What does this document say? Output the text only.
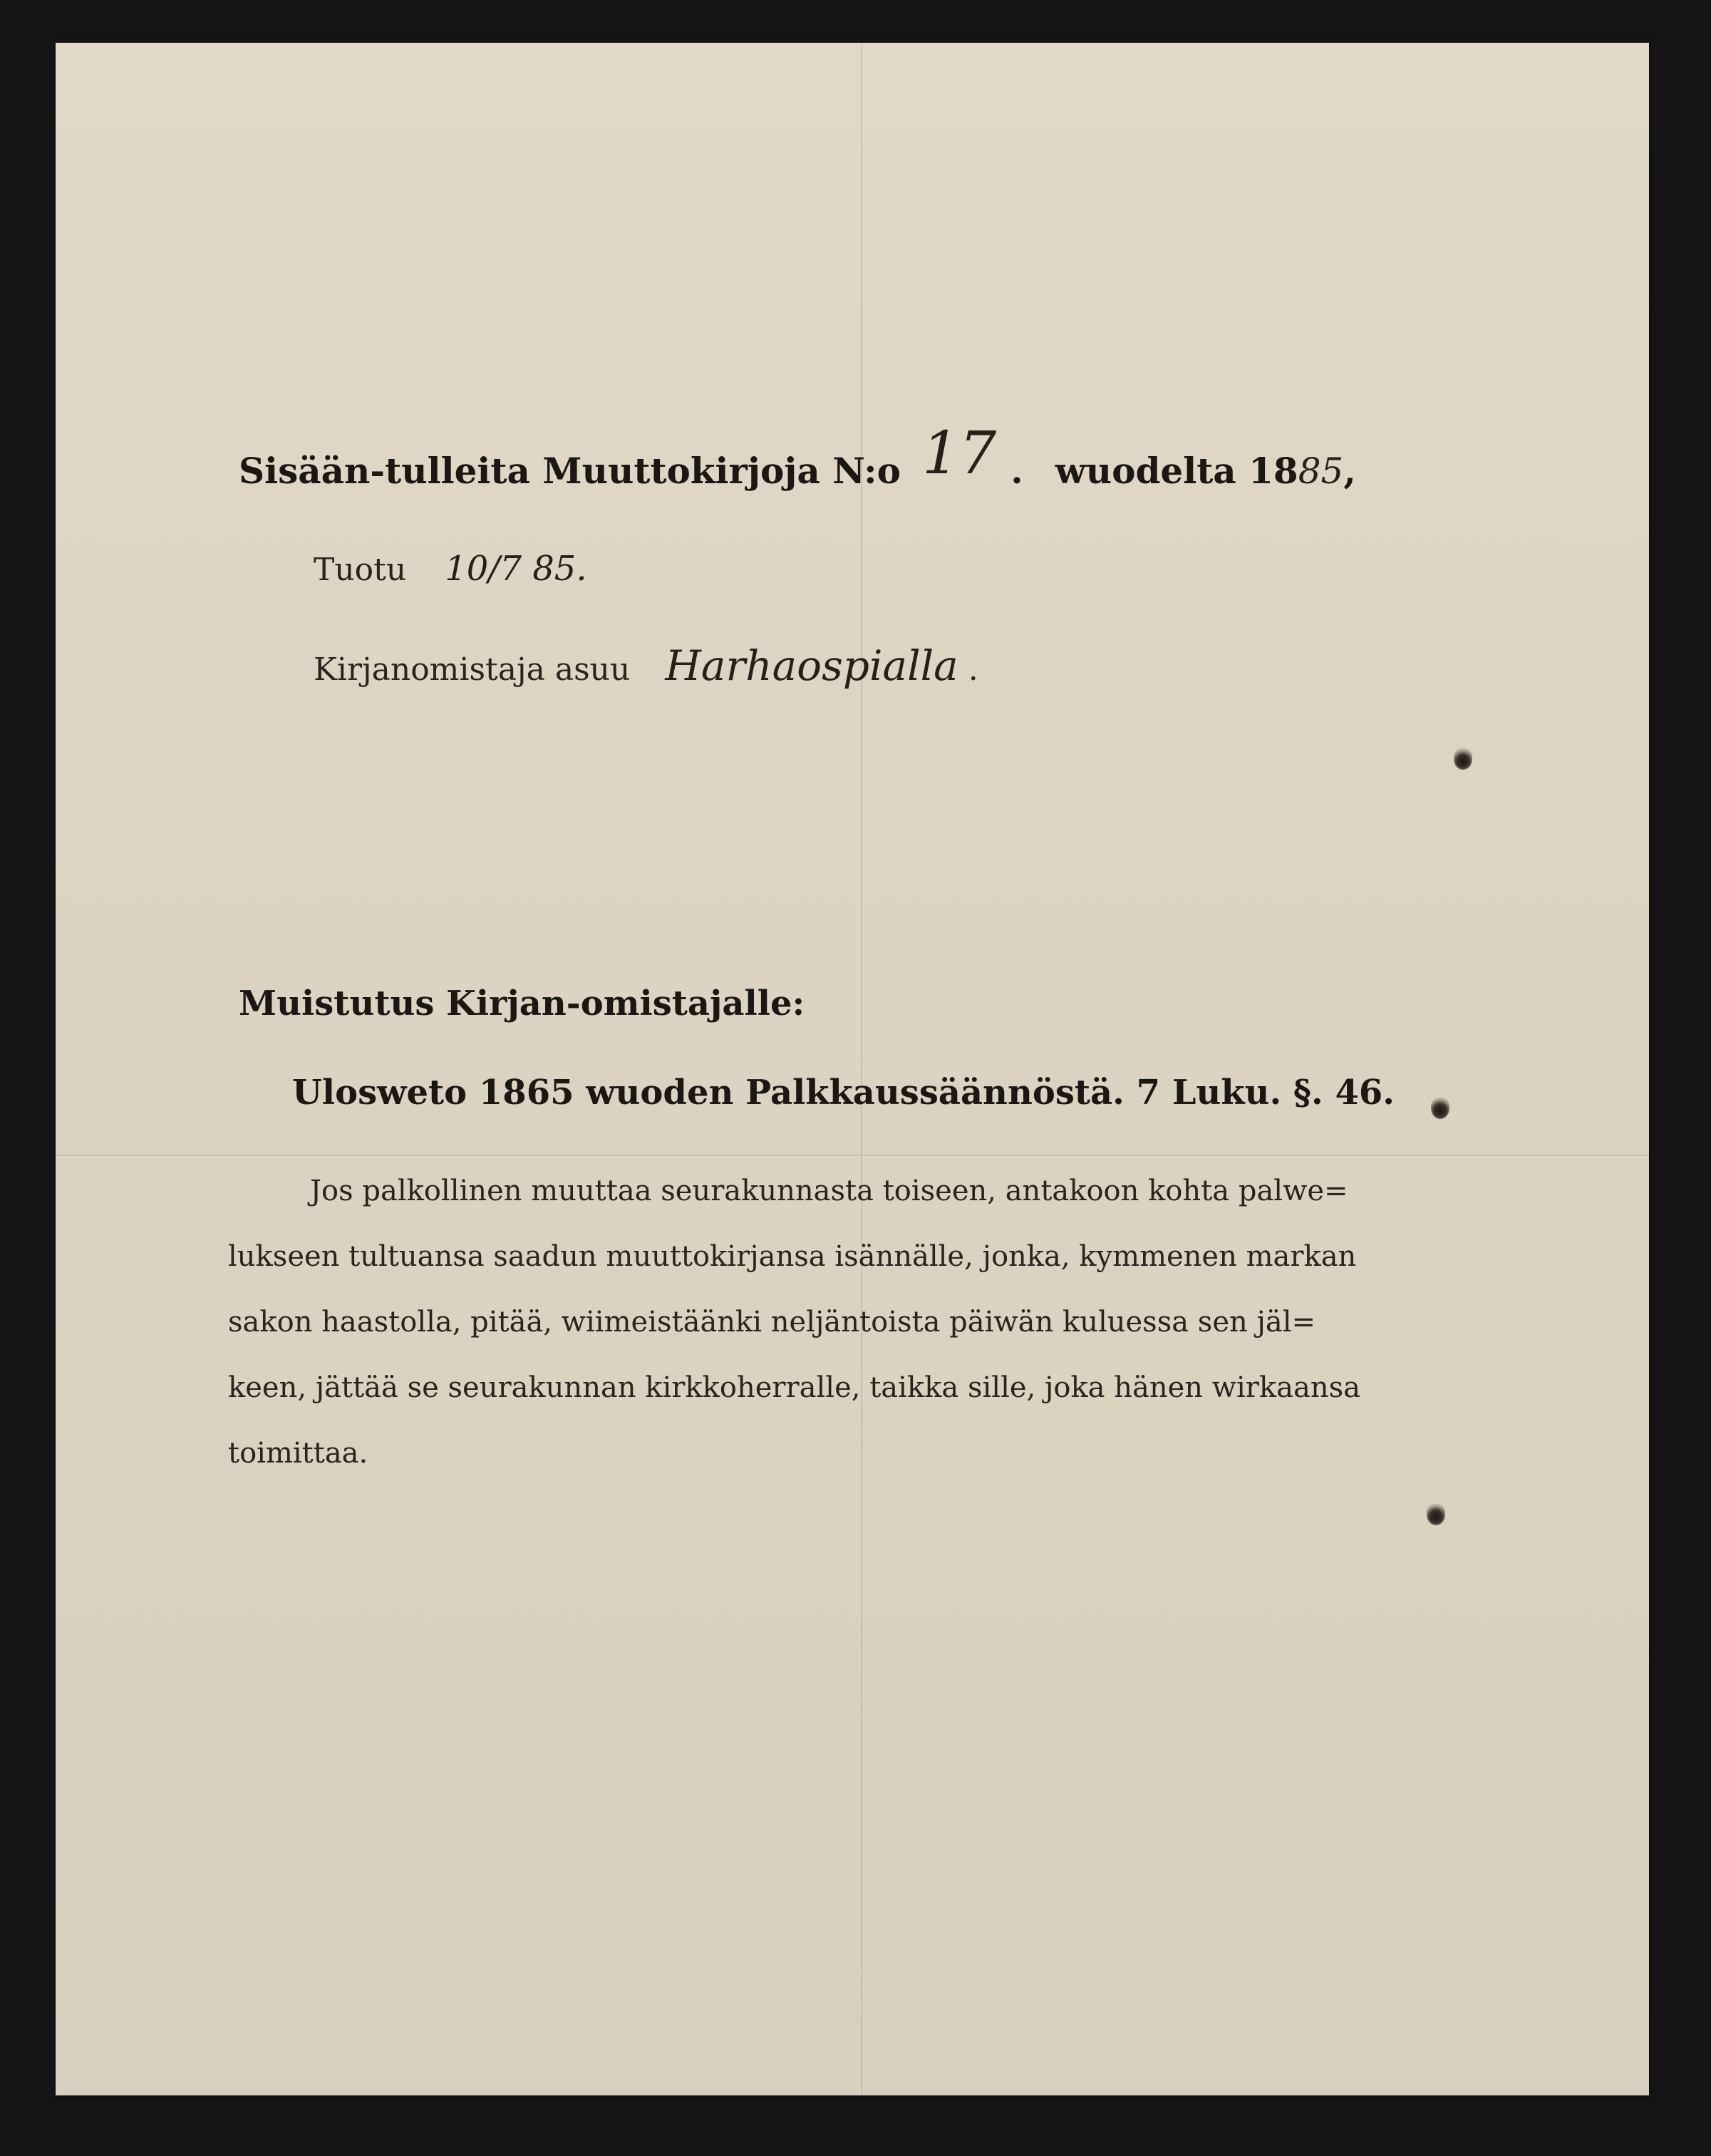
Sisään-tulleita Muuttokirjoja N:o 17 . wuodelta 18 85 ,
Tuotu 10/7 85.
Kirjanomistaja asuu Harhaospialla .
Muistutus Kirjan-omistajalle:
Ulosweto 1865 wuoden Palkkaussäännöstä. 7 Luku. §. 46.
Jos palkollinen muuttaa seurakunnasta toiseen, antakoon kohta palwe=
lukseen tultuansa saadun muuttokirjansa isännälle, jonka, kymmenen markan
sakon haastolla, pitää, wiimeistäänki neljäntoista päiwän kuluessa sen jäl=
keen, jättää se seurakunnan kirkkoherralle, taikka sille, joka hänen wirkaansa
toimittaa.
